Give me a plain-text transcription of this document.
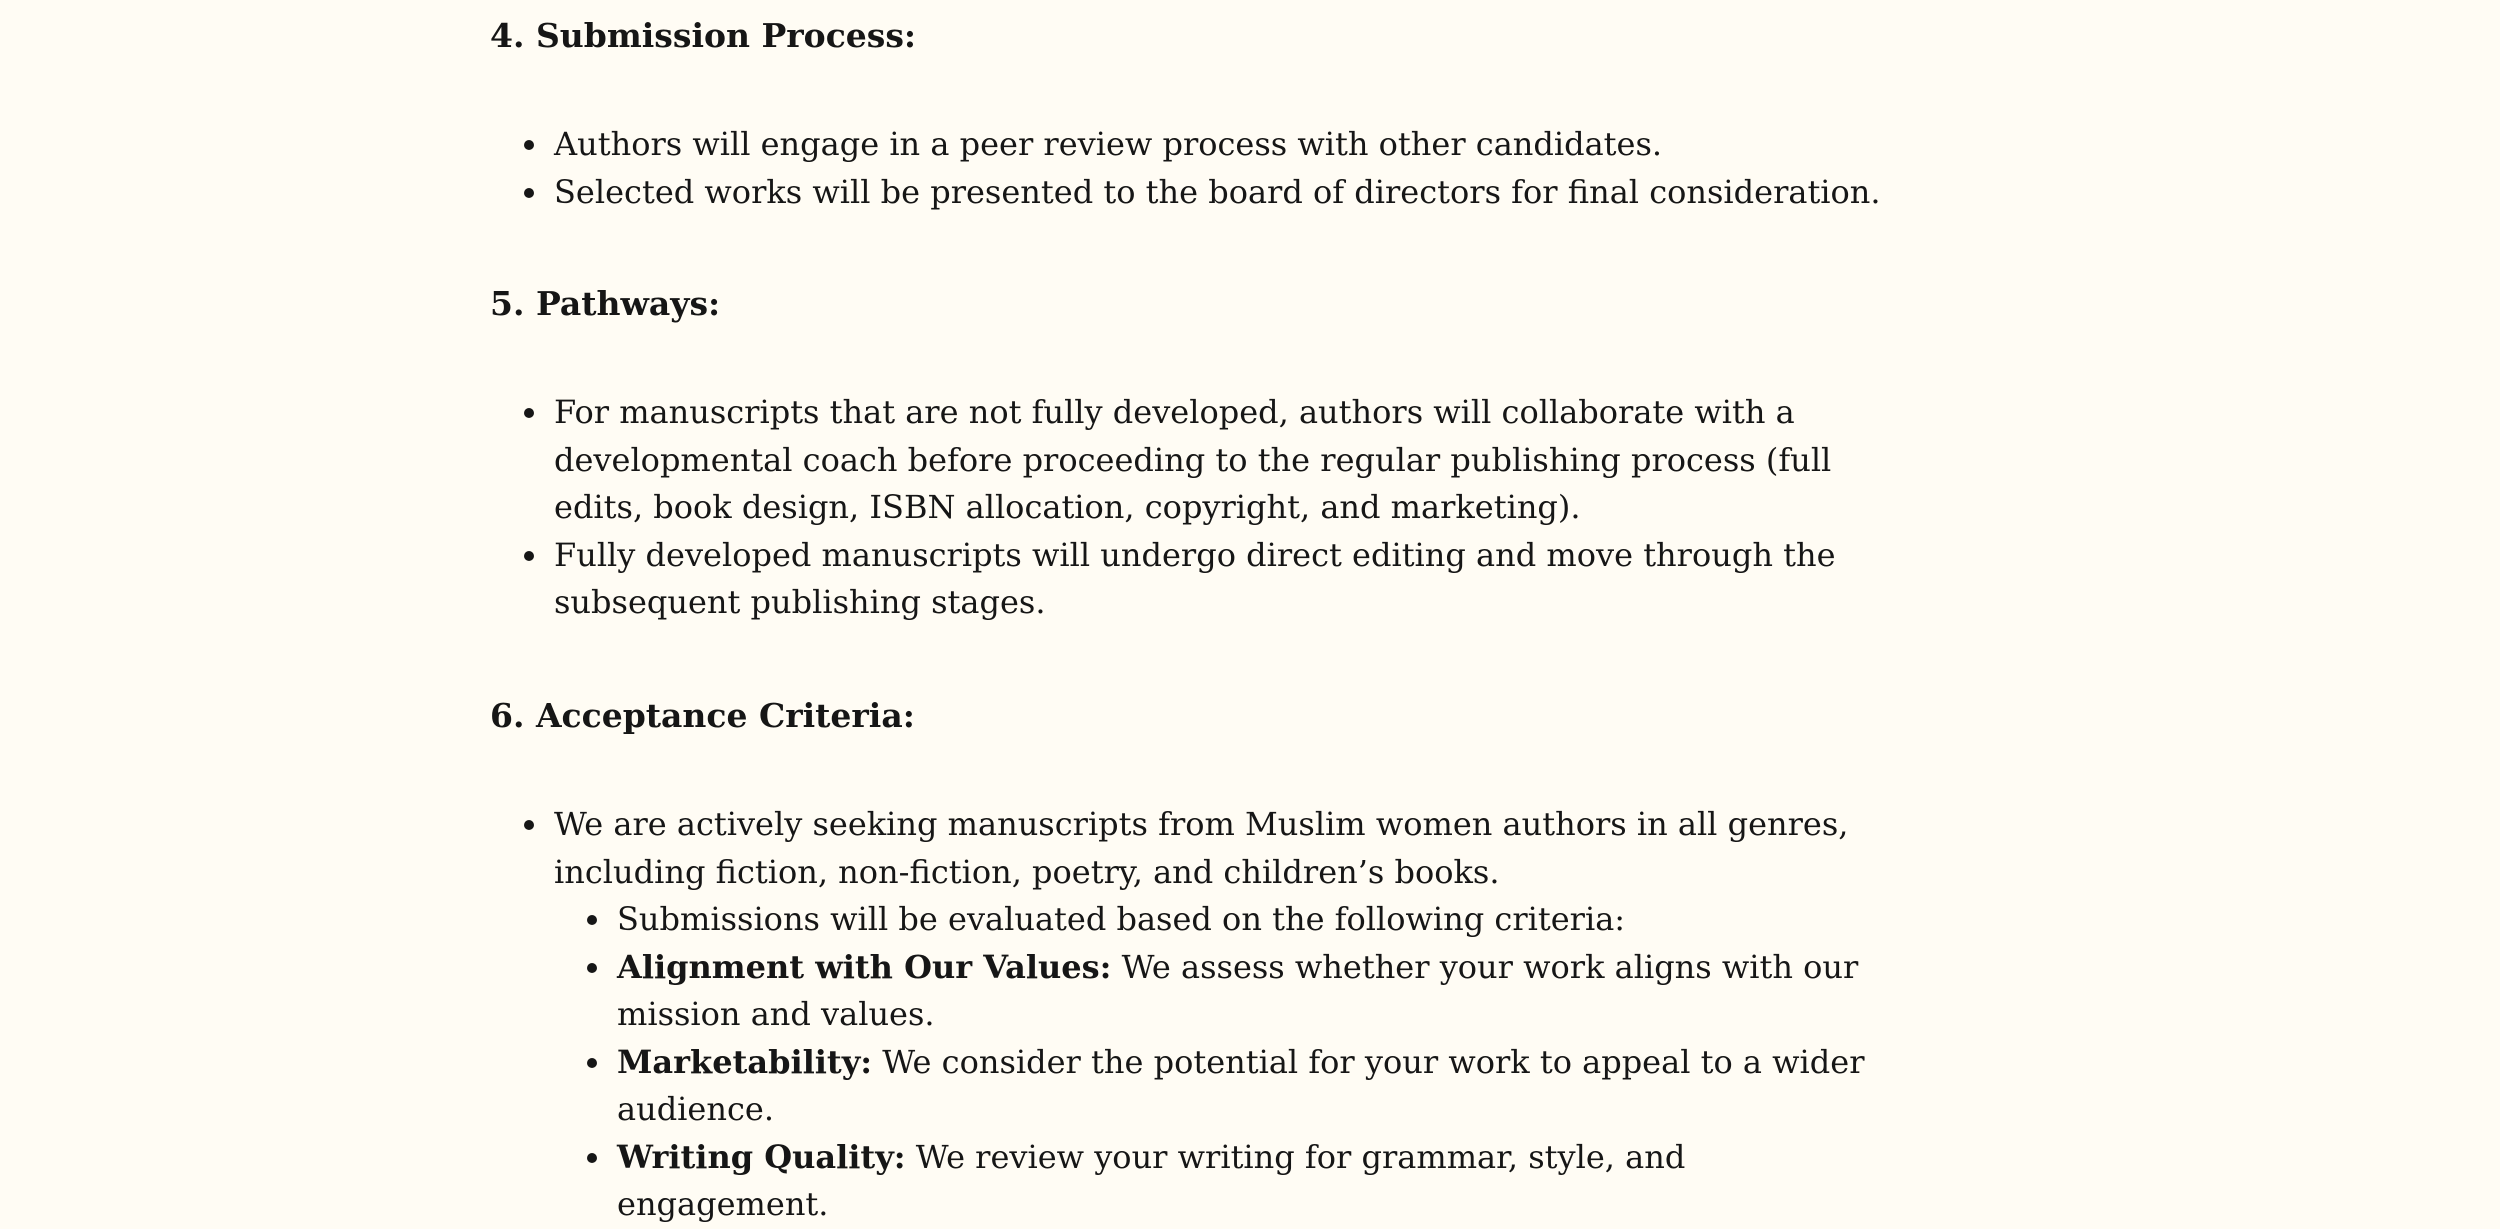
4. Submission Process:
Authors will engage in a peer review process with other candidates.
Selected works will be presented to the board of directors for final consideration.
5. Pathways:
For manuscripts that are not fully developed, authors will collaborate with a developmental coach before proceeding to the regular publishing process (full edits, book design, ISBN allocation, copyright, and marketing).
Fully developed manuscripts will undergo direct editing and move through the subsequent publishing stages.
6. Acceptance Criteria:
We are actively seeking manuscripts from Muslim women authors in all genres, including fiction, non-fiction, poetry, and children’s books.
Submissions will be evaluated based on the following criteria:
Alignment with Our Values: We assess whether your work aligns with our mission and values.
Marketability: We consider the potential for your work to appeal to a wider audience.
Writing Quality: We review your writing for grammar, style, and engagement.
